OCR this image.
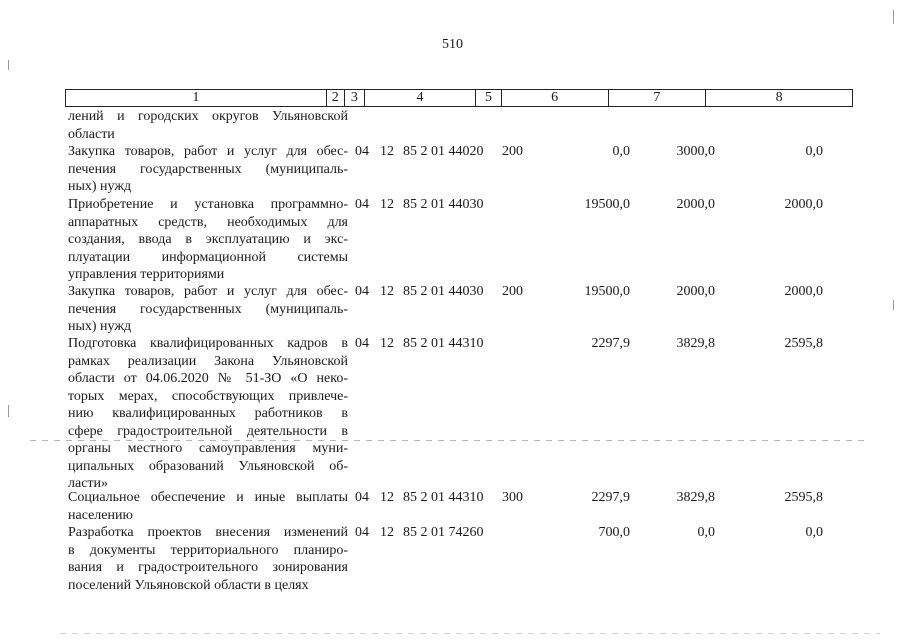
510
1	2 3	4	5	6	7	8
лений и городских округов Ульяновской
области
Закупка товаров, работ и услуг для обес-
печения государственных (муниципаль-
ных) нужд
04 12 85 2 01 44020 200	0,0	3000,0	0,0
Приобретение и установка программно-
аппаратных средств, необходимых для
создания, ввода в эксплуатацию и экс-
плуатации информационной системы
управления территориями
04 12 85 2 01 44030	19500,0	2000,0	2000,0
Закупка товаров, работ и услуг для обес-
печения государственных (муниципаль-
ных) нужд
04 12 85 2 01 44030 200	19500,0	2000,0	2000,0
Подготовка квалифицированных кадров в
рамках реализации Закона Ульяновской
области от 04.06.2020 № 51-ЗО «О неко-
торых мерах, способствующих привлече-
нию квалифицированных работников в
сфере градостроительной деятельности в
органы местного самоуправления муни-
ципальных образований Ульяновской об-
ласти»
04 12 85 2 01 44310	2297,9	3829,8	2595,8
Социальное обеспечение и иные выплаты
населению
04 12 85 2 01 44310 300	2297,9	3829,8	2595,8
Разработка проектов внесения изменений
в документы территориального планиро-
вания и градостроительного зонирования
поселений Ульяновской области в целях
04 12 85 2 01 74260	700,0	0,0	0,0
